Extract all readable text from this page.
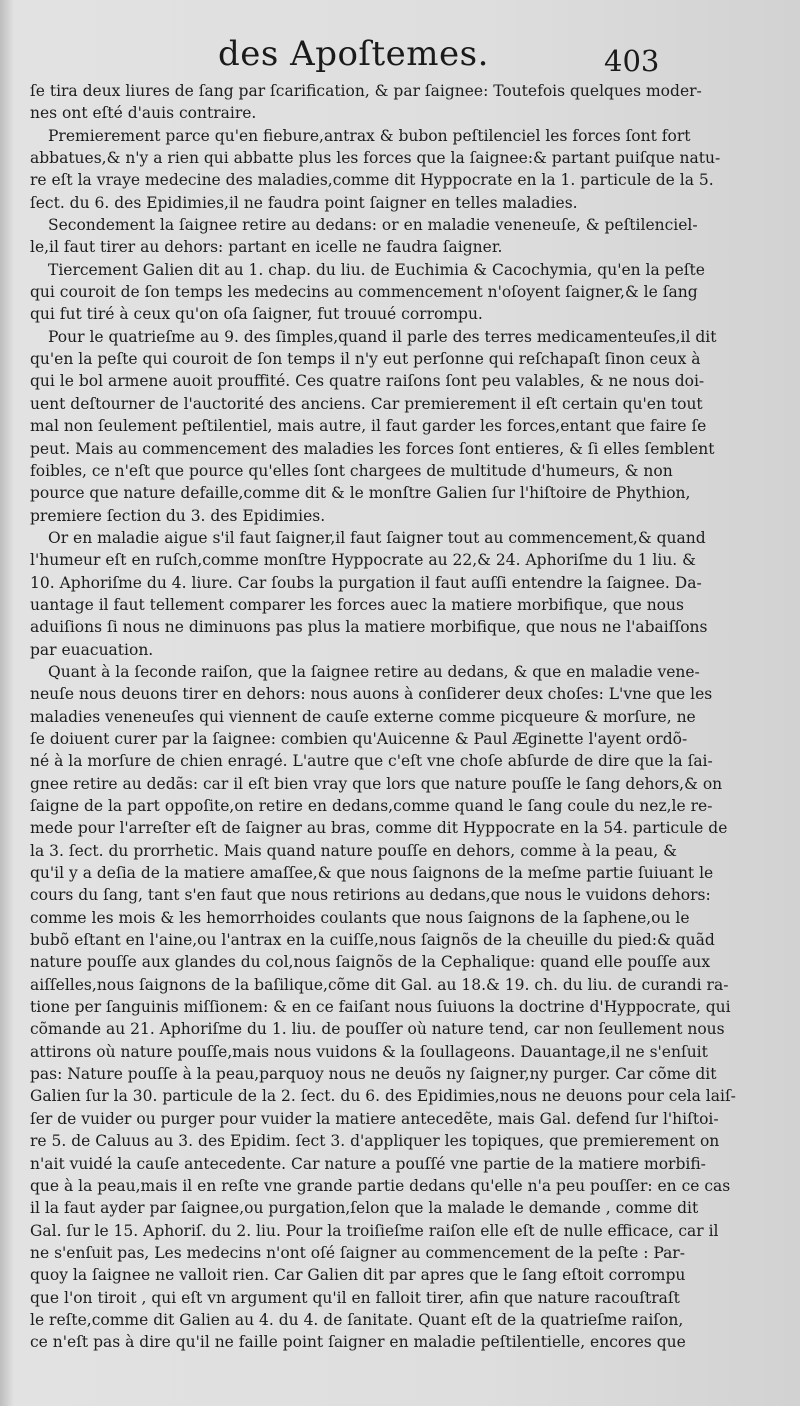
des Apoſtemes.	403
ſe tira deux liures de ſang par ſcarification, & par ſaignee: Toutefois quelques moder-
nes ont eſté d'auis contraire.
Premierement parce qu'en fiebure,antrax & bubon peſtilenciel les forces ſont fort
abbatues,& n'y a rien qui abbatte plus les forces que la ſaignee:& partant puiſque natu-
re eſt la vraye medecine des maladies,comme dit Hyppocrate en la 1. particule de la 5.
ſect. du 6. des Epidimies,il ne faudra point ſaigner en telles maladies.
Secondement la ſaignee retire au dedans: or en maladie veneneuſe, & peſtilenciel-
le,il faut tirer au dehors: partant en icelle ne faudra ſaigner.
Tiercement Galien dit au 1. chap. du liu. de Euchimia & Cacochymia, qu'en la peſte
qui couroit de ſon temps les medecins au commencement n'oſoyent ſaigner,& le ſang
qui fut tiré à ceux qu'on oſa ſaigner, fut trouué corrompu.
Pour le quatrieſme au 9. des ſimples,quand il parle des terres medicamenteuſes,il dit
qu'en la peſte qui couroit de ſon temps il n'y eut perſonne qui reſchapaſt ſinon ceux à
qui le bol armene auoit prouffité. Ces quatre raiſons ſont peu valables, & ne nous doi-
uent deſtourner de l'auctorité des anciens. Car premierement il eſt certain qu'en tout
mal non ſeulement peſtilentiel, mais autre, il faut garder les forces,entant que faire ſe
peut. Mais au commencement des maladies les forces ſont entieres, & ſi elles ſemblent
foibles, ce n'eſt que pource qu'elles ſont chargees de multitude d'humeurs, & non
pource que nature defaille,comme dit & le monſtre Galien ſur l'hiſtoire de Phythion,
premiere ſection du 3. des Epidimies.
Or en maladie aigue s'il faut ſaigner,il faut ſaigner tout au commencement,& quand
l'humeur eſt en ruſch,comme monſtre Hyppocrate au 22,& 24. Aphoriſme du 1 liu. &
10. Aphoriſme du 4. liure. Car ſoubs la purgation il faut auſſi entendre la ſaignee. Da-
uantage il faut tellement comparer les forces auec la matiere morbifique, que nous
aduiſions ſi nous ne diminuons pas plus la matiere morbifique, que nous ne l'abaiſſons
par euacuation.
Quant à la ſeconde raiſon, que la ſaignee retire au dedans, & que en maladie vene-
neuſe nous deuons tirer en dehors: nous auons à conſiderer deux choſes: L'vne que les
maladies veneneuſes qui viennent de cauſe externe comme picqueure & morſure, ne
ſe doiuent curer par la ſaignee: combien qu'Auicenne & Paul Æginette l'ayent ordõ-
né à la morſure de chien enragé. L'autre que c'eſt vne choſe abſurde de dire que la ſai-
gnee retire au dedãs: car il eſt bien vray que lors que nature pouſſe le ſang dehors,& on
ſaigne de la part oppoſite,on retire en dedans,comme quand le ſang coule du nez,le re-
mede pour l'arreſter eſt de ſaigner au bras, comme dit Hyppocrate en la 54. particule de
la 3. ſect. du prorrhetic. Mais quand nature pouſſe en dehors, comme à la peau, &
qu'il y a deſia de la matiere amaſſee,& que nous ſaignons de la meſme partie ſuiuant le
cours du ſang, tant s'en faut que nous retirions au dedans,que nous le vuidons dehors:
comme les mois & les hemorrhoides coulants que nous ſaignons de la ſaphene,ou le
bubõ eſtant en l'aine,ou l'antrax en la cuiſſe,nous ſaignõs de la cheuille du pied:& quãd
nature pouſſe aux glandes du col,nous ſaignõs de la Cephalique: quand elle pouſſe aux
aiſſelles,nous ſaignons de la baſilique,cõme dit Gal. au 18.& 19. ch. du liu. de curandi ra-
tione per ſanguinis miſſionem: & en ce faiſant nous ſuiuons la doctrine d'Hyppocrate, qui
cõmande au 21. Aphoriſme du 1. liu. de pouſſer où nature tend, car non ſeullement nous
attirons où nature pouſſe,mais nous vuidons & la ſoullageons. Dauantage,il ne s'enſuit
pas: Nature pouſſe à la peau,parquoy nous ne deuõs ny ſaigner,ny purger. Car cõme dit
Galien ſur la 30. particule de la 2. ſect. du 6. des Epidimies,nous ne deuons pour cela laiſ-
ſer de vuider ou purger pour vuider la matiere antecedẽte, mais Gal. defend ſur l'hiſtoi-
re 5. de Caluus au 3. des Epidim. ſect 3. d'appliquer les topiques, que premierement on
n'ait vuidé la cauſe antecedente. Car nature a pouſſé vne partie de la matiere morbifi-
que à la peau,mais il en reſte vne grande partie dedans qu'elle n'a peu pouſſer: en ce cas
il la faut ayder par ſaignee,ou purgation,ſelon que la malade le demande , comme dit
Gal. ſur le 15. Aphoriſ. du 2. liu. Pour la troiſieſme raiſon elle eſt de nulle efficace, car il
ne s'enſuit pas, Les medecins n'ont oſé ſaigner au commencement de la peſte : Par-
quoy la ſaignee ne valloit rien. Car Galien dit par apres que le ſang eſtoit corrompu
que l'on tiroit , qui eſt vn argument qu'il en falloit tirer, afin que nature racouſtraſt
le reſte,comme dit Galien au 4. du 4. de ſanitate. Quant eſt de la quatrieſme raiſon,
ce n'eſt pas à dire qu'il ne faille point ſaigner en maladie peſtilentielle, encores que
